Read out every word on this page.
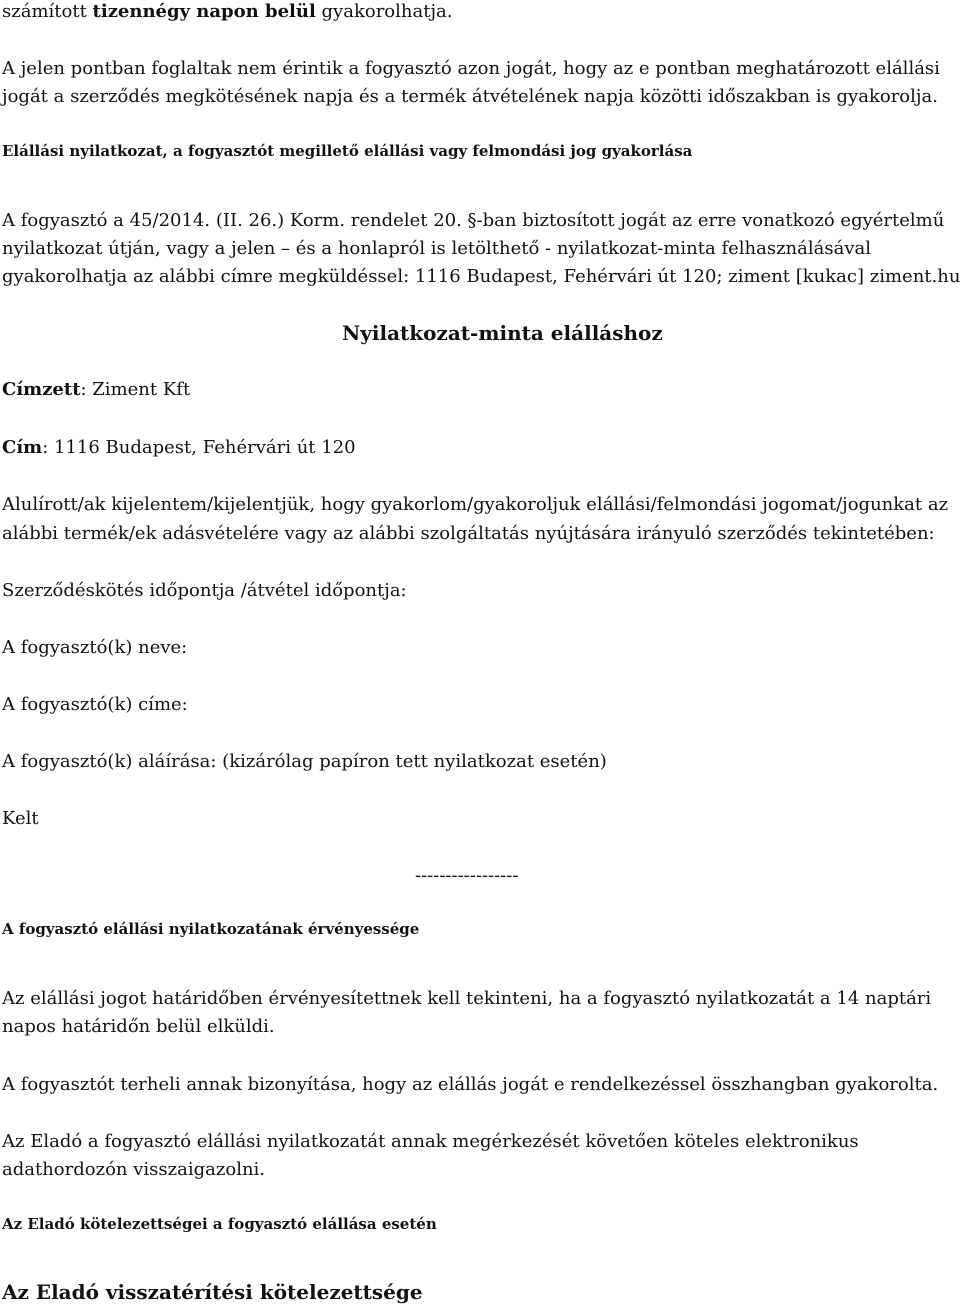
számított tizennégy napon belül gyakorolhatja.

A jelen pontban foglaltak nem érintik a fogyasztó azon jogát, hogy az e pontban meghatározott elállási

jogát a szerződés megkötésének napja és a termék átvételének napja közötti időszakban is gyakorolja.

Elállási nyilatkozat, a fogyasztót megillető elállási vagy felmondási jog gyakorlása

A fogyasztó a 45/2014. (II. 26.) Korm. rendelet 20. §-ban biztosított jogát az erre vonatkozó egyértelmű

nyilatkozat útján, vagy a jelen – és a honlapról is letölthető - nyilatkozat-minta felhasználásával

gyakorolhatja az alábbi címre megküldéssel: 1116 Budapest, Fehérvári út 120; ziment [kukac] ziment.hu

Nyilatkozat-minta elálláshoz

Címzett: Ziment Kft

Cím: 1116 Budapest, Fehérvári út 120

Alulírott/ak kijelentem/kijelentjük, hogy gyakorlom/gyakoroljuk elállási/felmondási jogomat/jogunkat az

alábbi termék/ek adásvételére vagy az alábbi szolgáltatás nyújtására irányuló szerződés tekintetében:

Szerződéskötés időpontja /átvétel időpontja:

A fogyasztó(k) neve:

A fogyasztó(k) címe:

A fogyasztó(k) aláírása: (kizárólag papíron tett nyilatkozat esetén)

Kelt

-----------------

A fogyasztó elállási nyilatkozatának érvényessége

Az elállási jogot határidőben érvényesítettnek kell tekinteni, ha a fogyasztó nyilatkozatát a 14 naptári

napos határidőn belül elküldi.

A fogyasztót terheli annak bizonyítása, hogy az elállás jogát e rendelkezéssel összhangban gyakorolta.

Az Eladó a fogyasztó elállási nyilatkozatát annak megérkezését követően köteles elektronikus

adathordozón visszaigazolni.

Az Eladó kötelezettségei a fogyasztó elállása esetén

Az Eladó visszatérítési kötelezettsége
